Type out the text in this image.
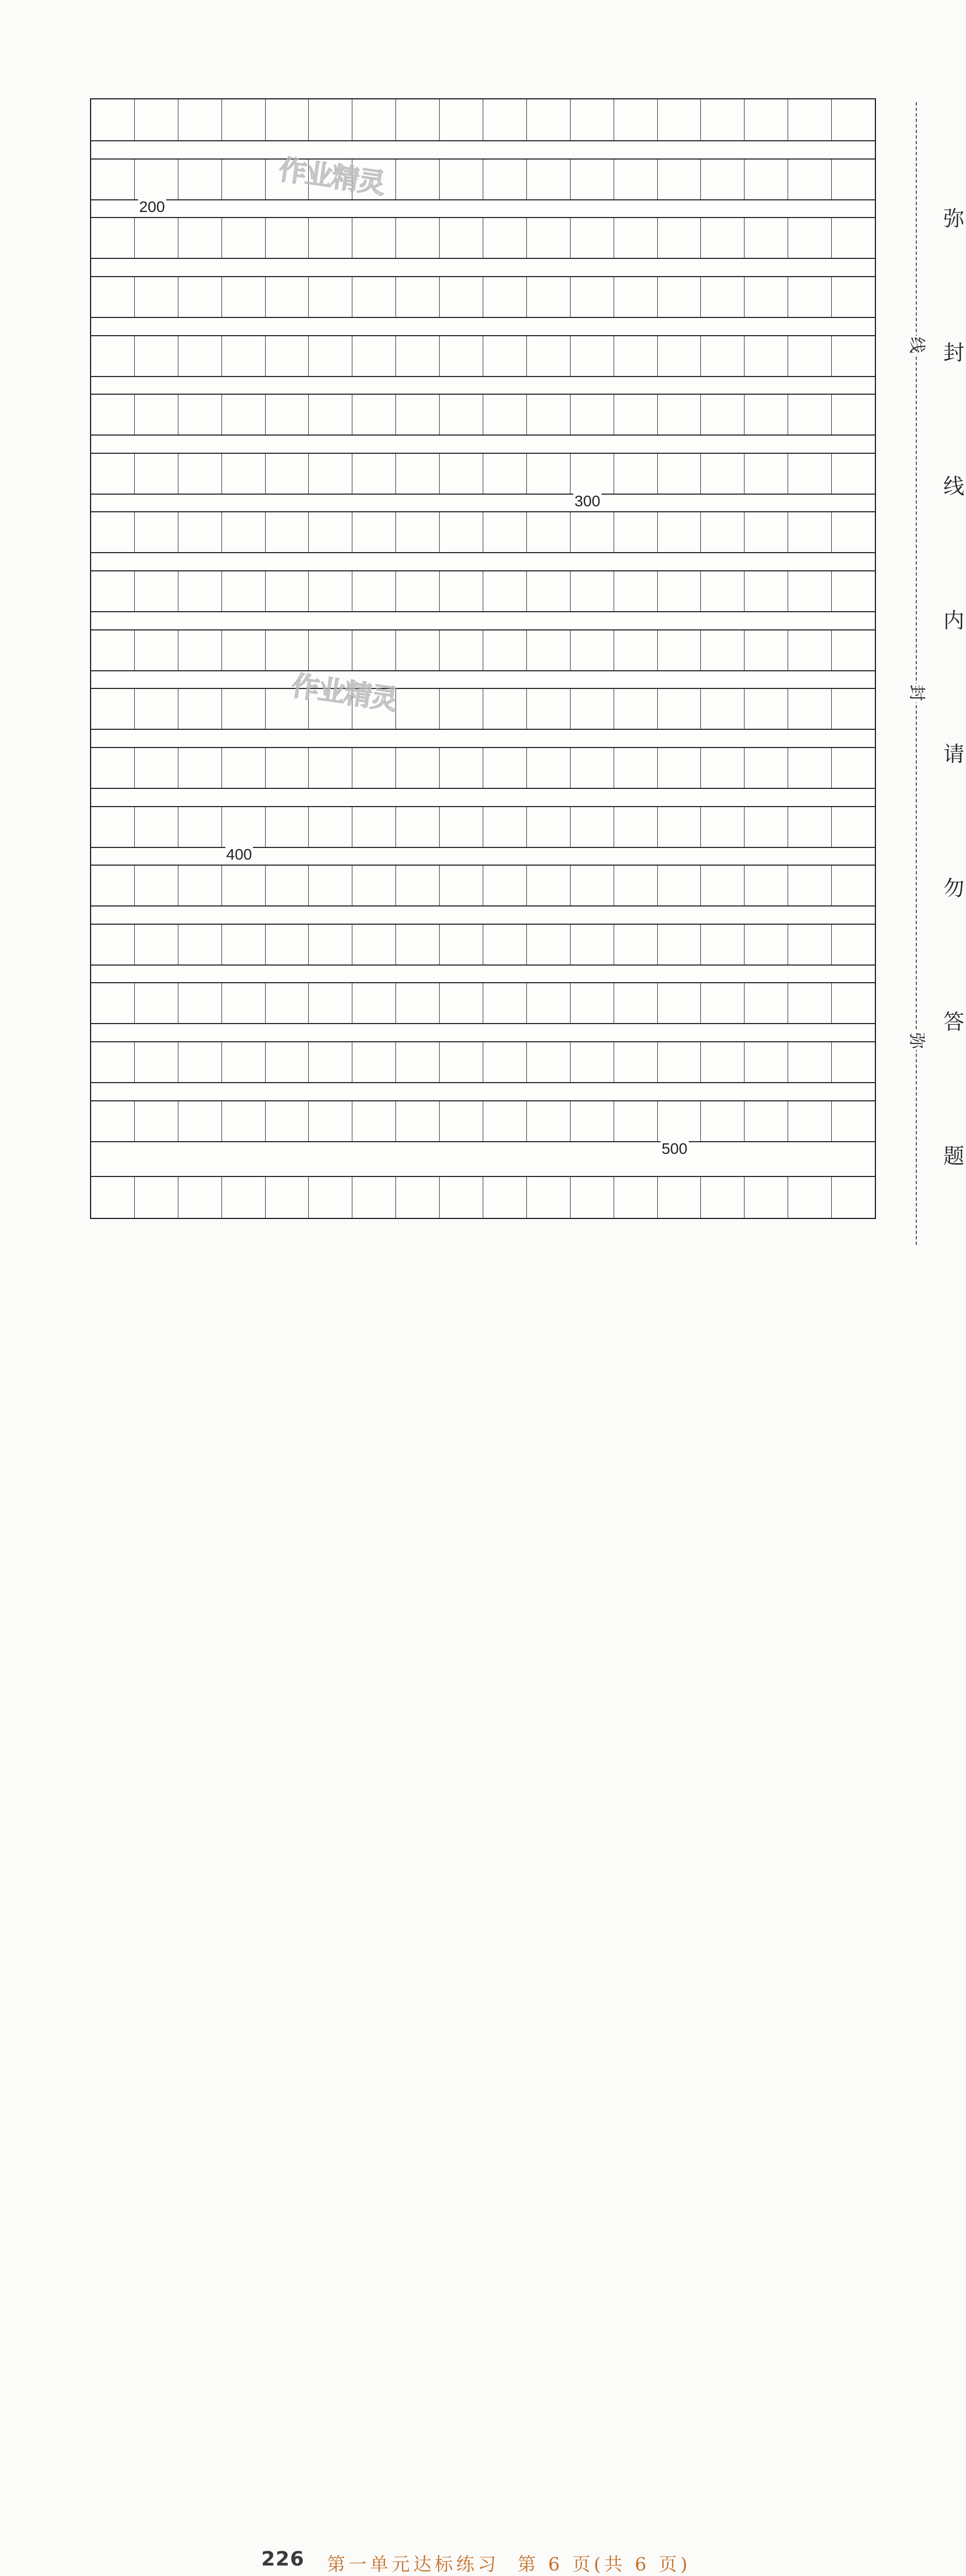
200
300
400
500
226 第一单元达标练习  第 6 页(共 6 页)
作业精灵
作业精灵
线
封
弥
弥
封
线
内
请
勿
答
题
